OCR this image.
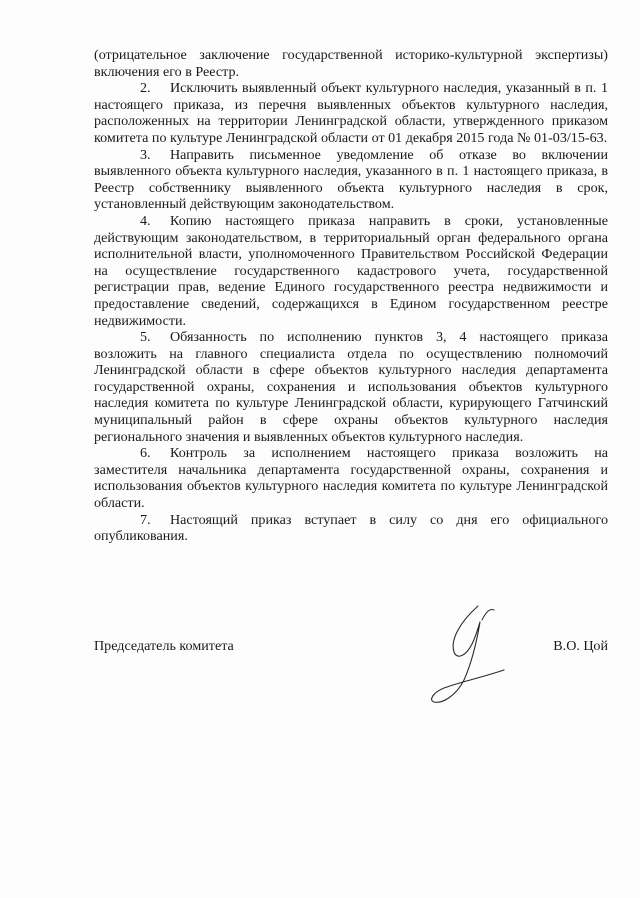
(отрицательное заключение государственной историко-культурной экспертизы) включения его в Реестр.

2. Исключить выявленный объект культурного наследия, указанный в п. 1 настоящего приказа, из перечня выявленных объектов культурного наследия, расположенных на территории Ленинградской области, утвержденного приказом комитета по культуре Ленинградской области от 01 декабря 2015 года № 01-03/15-63.

3. Направить письменное уведомление об отказе во включении выявленного объекта культурного наследия, указанного в п. 1 настоящего приказа, в Реестр собственнику выявленного объекта культурного наследия в срок, установленный действующим законодательством.

4. Копию настоящего приказа направить в сроки, установленные действующим законодательством, в территориальный орган федерального органа исполнительной власти, уполномоченного Правительством Российской Федерации на осуществление государственного кадастрового учета, государственной регистрации прав, ведение Единого государственного реестра недвижимости и предоставление сведений, содержащихся в Едином государственном реестре недвижимости.

5. Обязанность по исполнению пунктов 3, 4 настоящего приказа возложить на главного специалиста отдела по осуществлению полномочий Ленинградской области в сфере объектов культурного наследия департамента государственной охраны, сохранения и использования объектов культурного наследия комитета по культуре Ленинградской области, курирующего Гатчинский муниципальный район в сфере охраны объектов культурного наследия регионального значения и выявленных объектов культурного наследия.

6. Контроль за исполнением настоящего приказа возложить на заместителя начальника департамента государственной охраны, сохранения и использования объектов культурного наследия комитета по культуре Ленинградской области.

7. Настоящий приказ вступает в силу со дня его официального опубликования.

Председатель комитета	В.О. Цой
